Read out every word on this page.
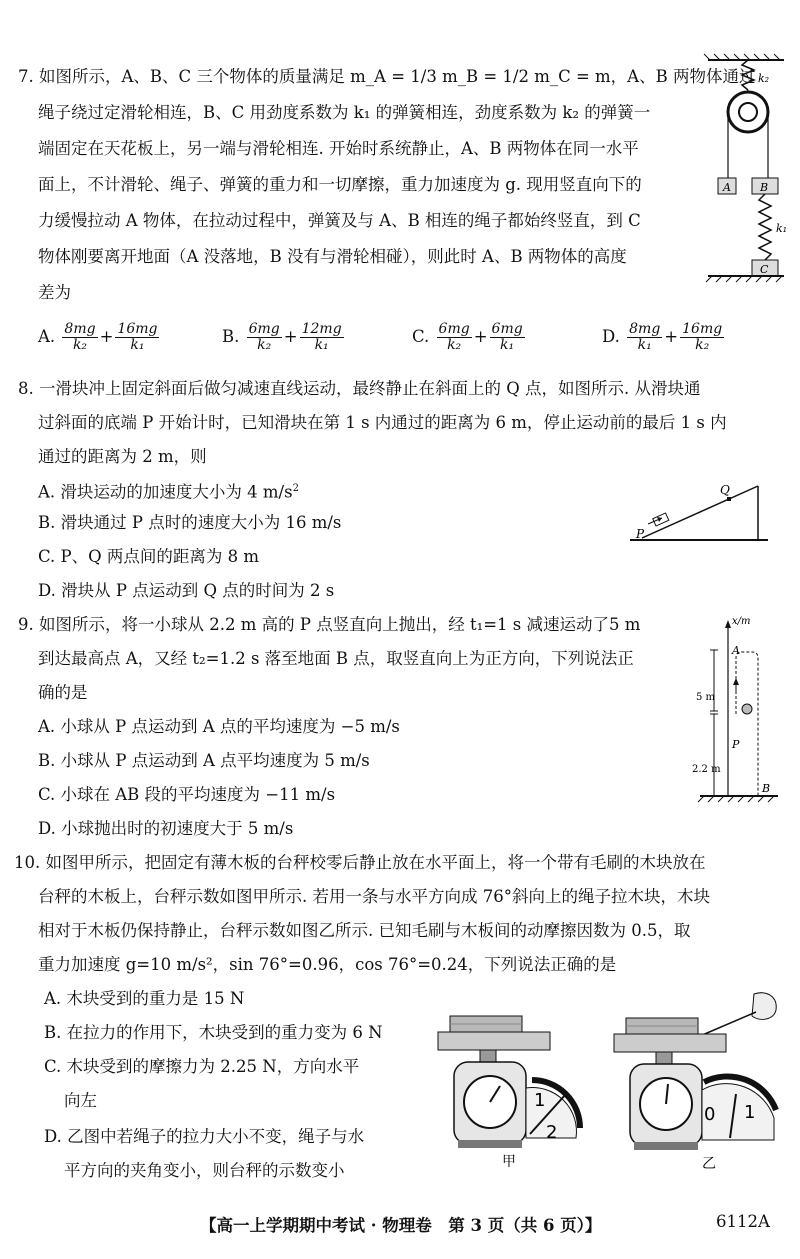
7. 如图所示，A、B、C 三个物体的质量满足 m_A = 1/3 m_B = 1/2 m_C = m，A、B 两物体通过
绳子绕过定滑轮相连，B、C 用劲度系数为 k₁ 的弹簧相连，劲度系数为 k₂ 的弹簧一
端固定在天花板上，另一端与滑轮相连. 开始时系统静止，A、B 两物体在同一水平
面上，不计滑轮、绳子、弹簧的重力和一切摩擦，重力加速度为 g. 现用竖直向下的
力缓慢拉动 A 物体，在拉动过程中，弹簧及与 A、B 相连的绳子都始终竖直，到 C
物体刚要离开地面（A 没落地，B 没有与滑轮相碰），则此时 A、B 两物体的高度
差为
A. $\frac{8mg}{\text{k₂}} + \frac{16mg}{\text{k₁}}$	B. $\frac{6mg}{\text{k₂}} + \frac{12mg}{\text{k₁}}$	C. $\frac{6mg}{\text{k₂}} + \frac{6mg}{\text{k₁}}$	D. $\frac{8mg}{\text{k₁}} + \frac{16mg}{\text{k₂}}$
k₂
k₁
A	B
C
8. 一滑块冲上固定斜面后做匀减速直线运动，最终静止在斜面上的 Q 点，如图所示. 从滑块通
过斜面的底端 P 开始计时，已知滑块在第 1 s 内通过的距离为 6 m，停止运动前的最后 1 s 内
通过的距离为 2 m，则
A. 滑块运动的加速度大小为 4 $m/s^2$
B. 滑块通过 P 点时的速度大小为 16 m/s
C. P、Q 两点间的距离为 8 m
D. 滑块从 P 点运动到 Q 点的时间为 2 s
P
Q
9. 如图所示，将一小球从 2.2 m 高的 P 点竖直向上抛出，经 t₁=1 s 减速运动了5 m
到达最高点 A，又经 t₂=1.2 s 落至地面 B 点，取竖直向上为正方向，下列说法正
确的是
A. 小球从 P 点运动到 A 点的平均速度为 −5 m/s
B. 小球从 P 点运动到 A 点平均速度为 5 m/s
C. 小球在 AB 段的平均速度为 −11 m/s
D. 小球抛出时的初速度大于 5 m/s
x/m
A
P
B
5 m
2.2 m
10. 如图甲所示，把固定有薄木板的台秤校零后静止放在水平面上，将一个带有毛刷的木块放在
台秤的木板上，台秤示数如图甲所示. 若用一条与水平方向成 76°斜向上的绳子拉木块，木块
相对于木板仍保持静止，台秤示数如图乙所示. 已知毛刷与木板间的动摩擦因数为 0.5，取
重力加速度 g=10 m/s²，sin 76°=0.96，cos 76°=0.24，下列说法正确的是
A. 木块受到的重力是 15 N
B. 在拉力的作用下，木块受到的重力变为 6 N
C. 木块受到的摩擦力为 2.25 N，方向水平
向左
D. 乙图中若绳子的拉力大小不变，绳子与水
平方向的夹角变小，则台秤的示数变小
1
2
甲
0 1
乙
【高一上学期期中考试 · 物理卷　第 3 页（共 6 页）】	6112A
